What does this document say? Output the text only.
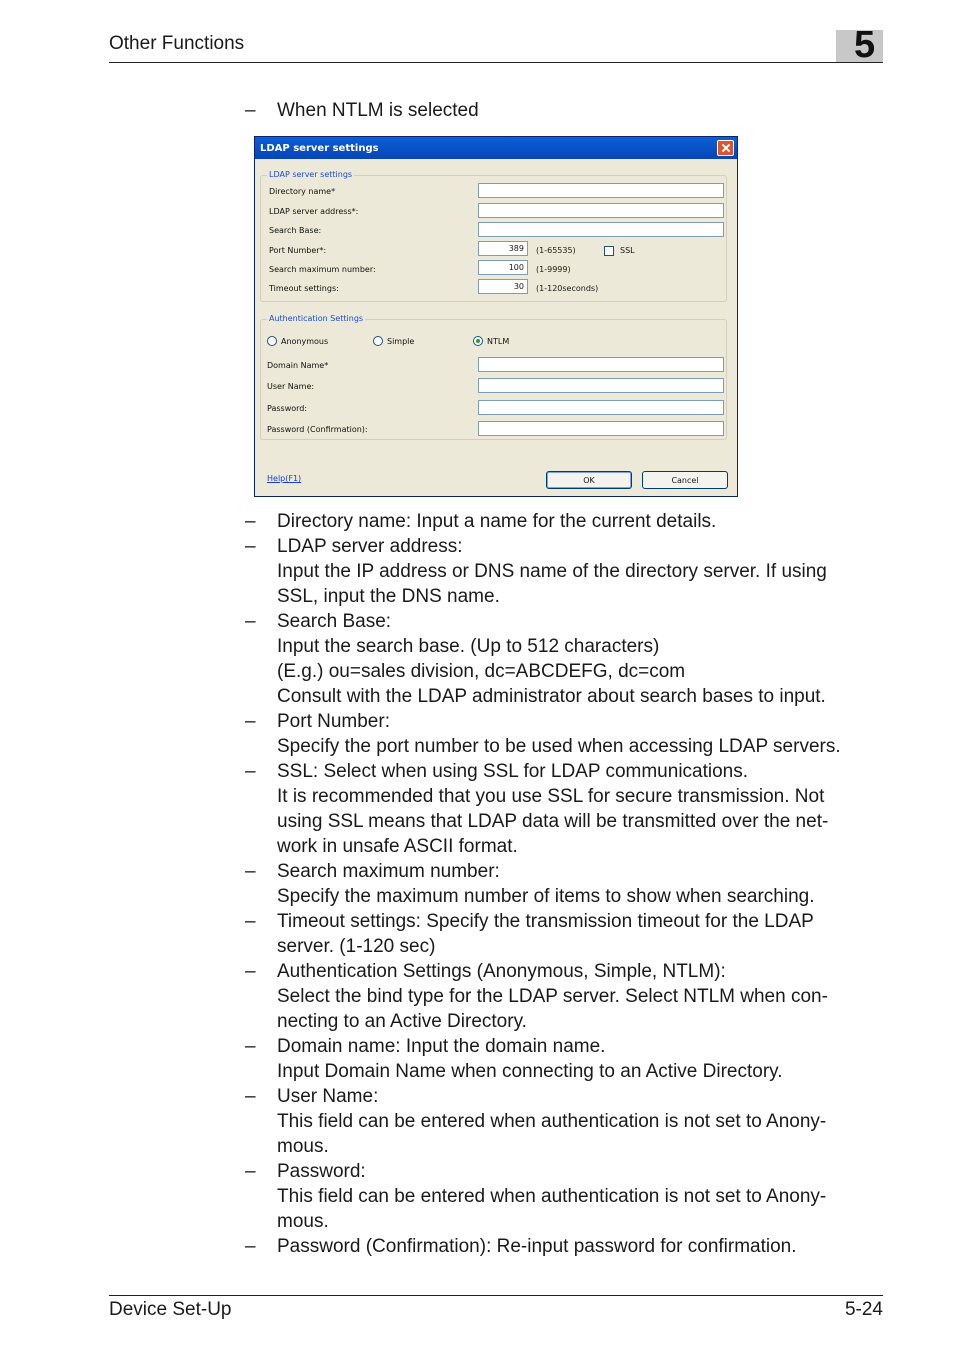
Other Functions	5
– When NTLM is selected
LDAP server settings
LDAP server settings
Directory name*
LDAP server address*:
Search Base:
Port Number*:	389	(1-65535)	SSL
Search maximum number:	100	(1-9999)
Timeout settings:	30	(1-120seconds)
Authentication Settings
Anonymous	Simple	NTLM
Domain Name*
User Name:
Password:
Password (Confirmation):
Help(F1)	OK	Cancel
– Directory name: Input a name for the current details.
– LDAP server address:
Input the IP address or DNS name of the directory server. If using
SSL, input the DNS name.
– Search Base:
Input the search base. (Up to 512 characters)
(E.g.) ou=sales division, dc=ABCDEFG, dc=com
Consult with the LDAP administrator about search bases to input.
– Port Number:
Specify the port number to be used when accessing LDAP servers.
– SSL: Select when using SSL for LDAP communications.
It is recommended that you use SSL for secure transmission. Not
using SSL means that LDAP data will be transmitted over the net-
work in unsafe ASCII format.
– Search maximum number:
Specify the maximum number of items to show when searching.
– Timeout settings: Specify the transmission timeout for the LDAP
server. (1-120 sec)
– Authentication Settings (Anonymous, Simple, NTLM):
Select the bind type for the LDAP server. Select NTLM when con-
necting to an Active Directory.
– Domain name: Input the domain name.
Input Domain Name when connecting to an Active Directory.
– User Name:
This field can be entered when authentication is not set to Anony-
mous.
– Password:
This field can be entered when authentication is not set to Anony-
mous.
– Password (Confirmation): Re-input password for confirmation.
Device Set-Up	5-24
